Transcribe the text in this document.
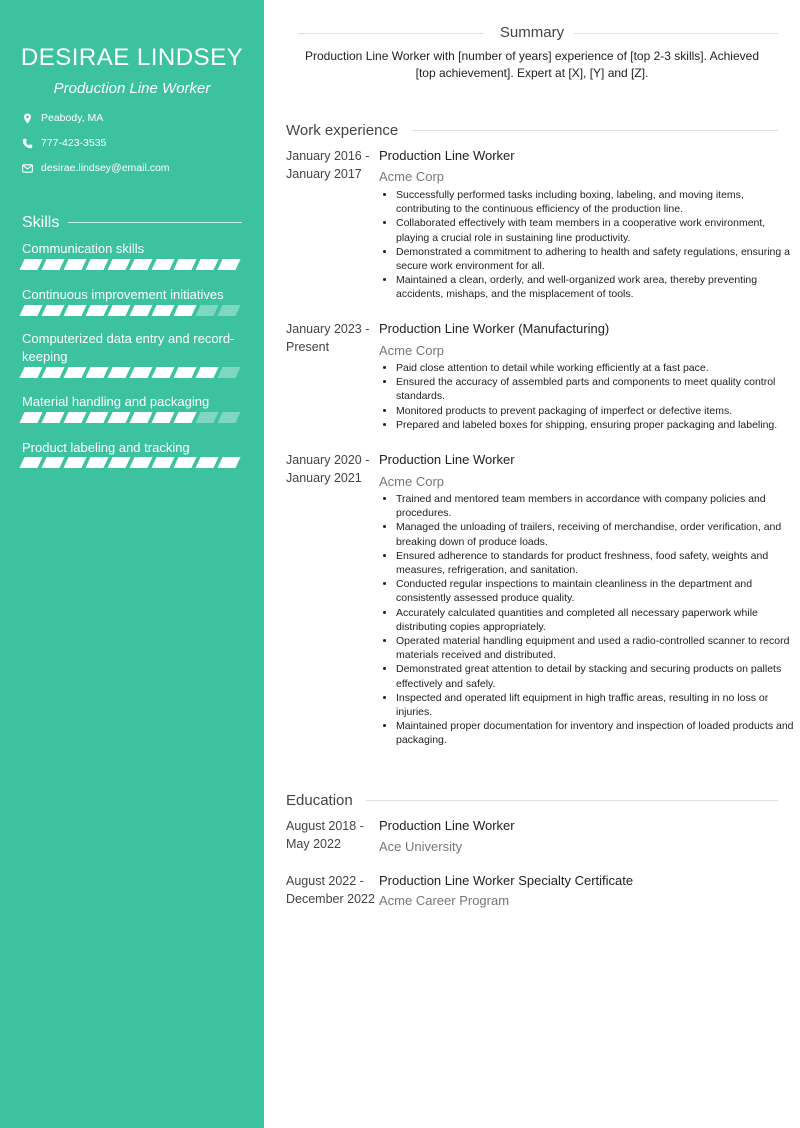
DESIRAE LINDSEY
Production Line Worker
Peabody, MA
777-423-3535
desirae.lindsey@email.com
Skills
Communication skills
Continuous improvement initiatives
Computerized data entry and record-keeping
Material handling and packaging
Product labeling and tracking
Summary
Production Line Worker with [number of years] experience of [top 2-3 skills]. Achieved [top achievement]. Expert at [X], [Y] and [Z].
Work experience
January 2016 -
January 2017
Production Line Worker
Acme Corp
• Successfully performed tasks including boxing, labeling, and moving items, contributing to the continuous efficiency of the production line.
• Collaborated effectively with team members in a cooperative work environment, playing a crucial role in sustaining line productivity.
• Demonstrated a commitment to adhering to health and safety regulations, ensuring a secure work environment for all.
• Maintained a clean, orderly, and well-organized work area, thereby preventing accidents, mishaps, and the misplacement of tools.
January 2023 -
Present
Production Line Worker (Manufacturing)
Acme Corp
• Paid close attention to detail while working efficiently at a fast pace.
• Ensured the accuracy of assembled parts and components to meet quality control standards.
• Monitored products to prevent packaging of imperfect or defective items.
• Prepared and labeled boxes for shipping, ensuring proper packaging and labeling.
January 2020 -
January 2021
Production Line Worker
Acme Corp
• Trained and mentored team members in accordance with company policies and procedures.
• Managed the unloading of trailers, receiving of merchandise, order verification, and breaking down of produce loads.
• Ensured adherence to standards for product freshness, food safety, weights and measures, refrigeration, and sanitation.
• Conducted regular inspections to maintain cleanliness in the department and consistently assessed produce quality.
• Accurately calculated quantities and completed all necessary paperwork while distributing copies appropriately.
• Operated material handling equipment and used a radio-controlled scanner to record materials received and distributed.
• Demonstrated great attention to detail by stacking and securing products on pallets effectively and safely.
• Inspected and operated lift equipment in high traffic areas, resulting in no loss or injuries.
• Maintained proper documentation for inventory and inspection of loaded products and packaging.
Education
August 2018 -
May 2022
Production Line Worker
Ace University
August 2022 -
December 2022
Production Line Worker Specialty Certificate
Acme Career Program
